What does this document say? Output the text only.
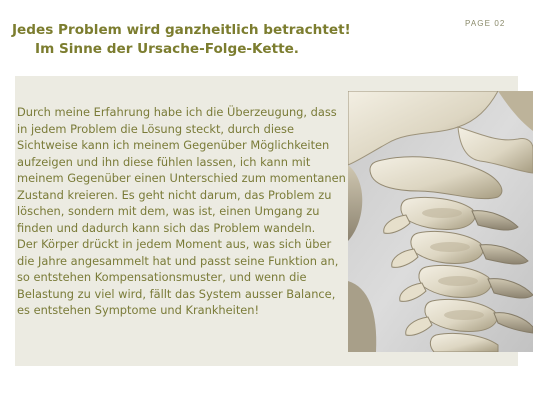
PAGE 02
Jedes Problem wird ganzheitlich betrachtet!
Im Sinne der Ursache-Folge-Kette.
Durch meine Erfahrung habe ich die Überzeugung, dass
in jedem Problem die Lösung steckt, durch diese
Sichtweise kann ich meinem Gegenüber Möglichkeiten
aufzeigen und ihn diese fühlen lassen, ich kann mit
meinem Gegenüber einen Unterschied zum momentanen
Zustand kreieren. Es geht nicht darum, das Problem zu
löschen, sondern mit dem, was ist, einen Umgang zu
finden und dadurch kann sich das Problem wandeln.
Der Körper drückt in jedem Moment aus, was sich über
die Jahre angesammelt hat und passt seine Funktion an,
so entstehen Kompensationsmuster, und wenn die
Belastung zu viel wird, fällt das System ausser Balance,
es entstehen Symptome und Krankheiten!
